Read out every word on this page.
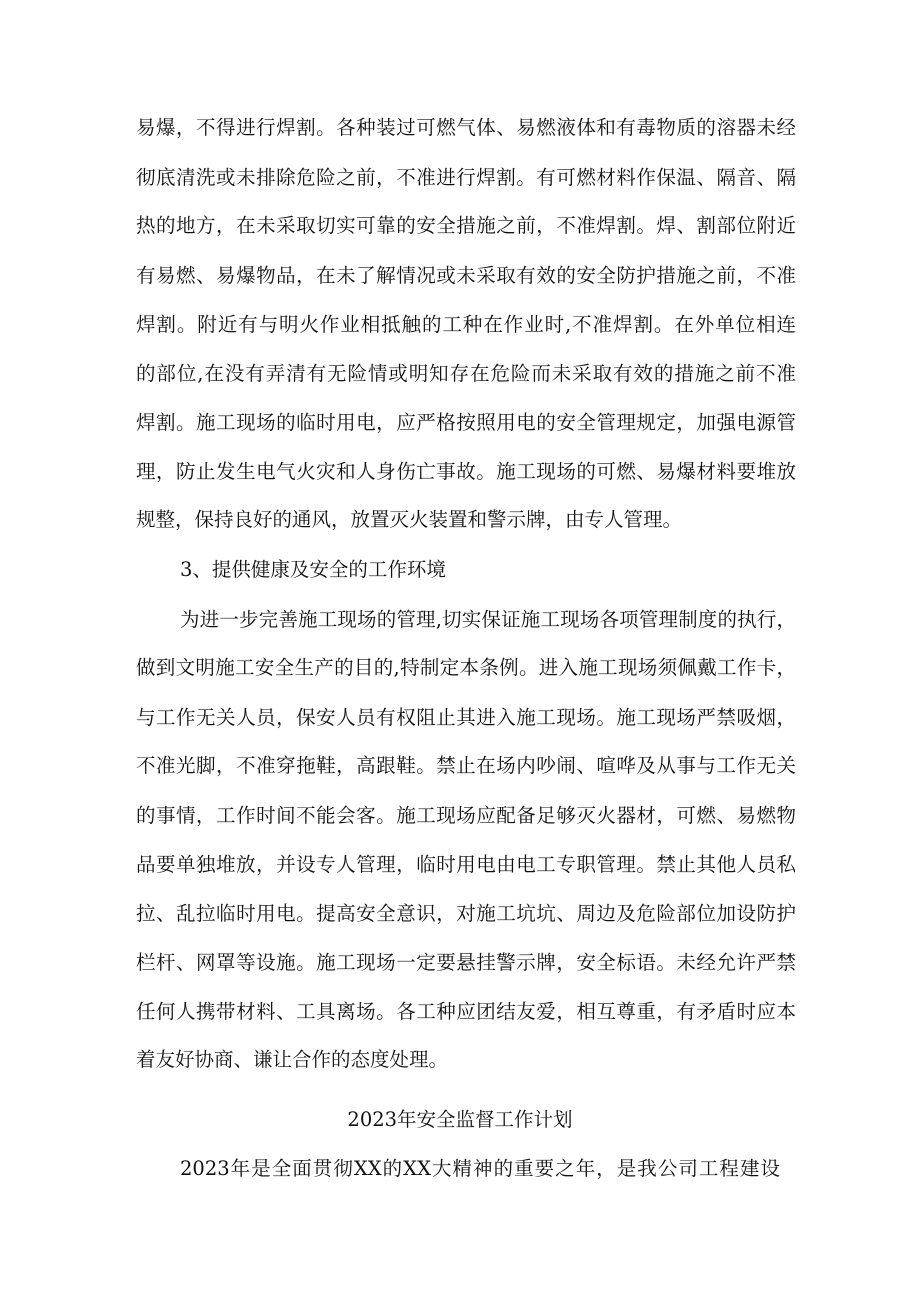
易爆，不得进行焊割。各种装过可燃气体、易燃液体和有毒物质的溶器未经
彻底清洗或未排除危险之前，不准进行焊割。有可燃材料作保温、隔音、隔
热的地方，在未采取切实可靠的安全措施之前，不准焊割。焊、割部位附近
有易燃、易爆物品，在未了解情况或未采取有效的安全防护措施之前，不准
焊割。附近有与明火作业相抵触的工种在作业时,不准焊割。在外单位相连
的部位,在没有弄清有无险情或明知存在危险而未采取有效的措施之前不准
焊割。施工现场的临时用电，应严格按照用电的安全管理规定，加强电源管
理，防止发生电气火灾和人身伤亡事故。施工现场的可燃、易爆材料要堆放
规整，保持良好的通风，放置灭火装置和警示牌，由专人管理。
3、提供健康及安全的工作环境
为进一步完善施工现场的管理,切实保证施工现场各项管理制度的执行，
做到文明施工安全生产的目的,特制定本条例。进入施工现场须佩戴工作卡，
与工作无关人员，保安人员有权阻止其进入施工现场。施工现场严禁吸烟，
不准光脚，不准穿拖鞋，高跟鞋。禁止在场内吵闹、喧哗及从事与工作无关
的事情，工作时间不能会客。施工现场应配备足够灭火器材，可燃、易燃物
品要单独堆放，并设专人管理，临时用电由电工专职管理。禁止其他人员私
拉、乱拉临时用电。提高安全意识，对施工坑坑、周边及危险部位加设防护
栏杆、网罩等设施。施工现场一定要悬挂警示牌，安全标语。未经允许严禁
任何人携带材料、工具离场。各工种应团结友爱，相互尊重，有矛盾时应本
着友好协商、谦让合作的态度处理。
2023年安全监督工作计划
2023年是全面贯彻XX的XX大精神的重要之年，是我公司工程建设
